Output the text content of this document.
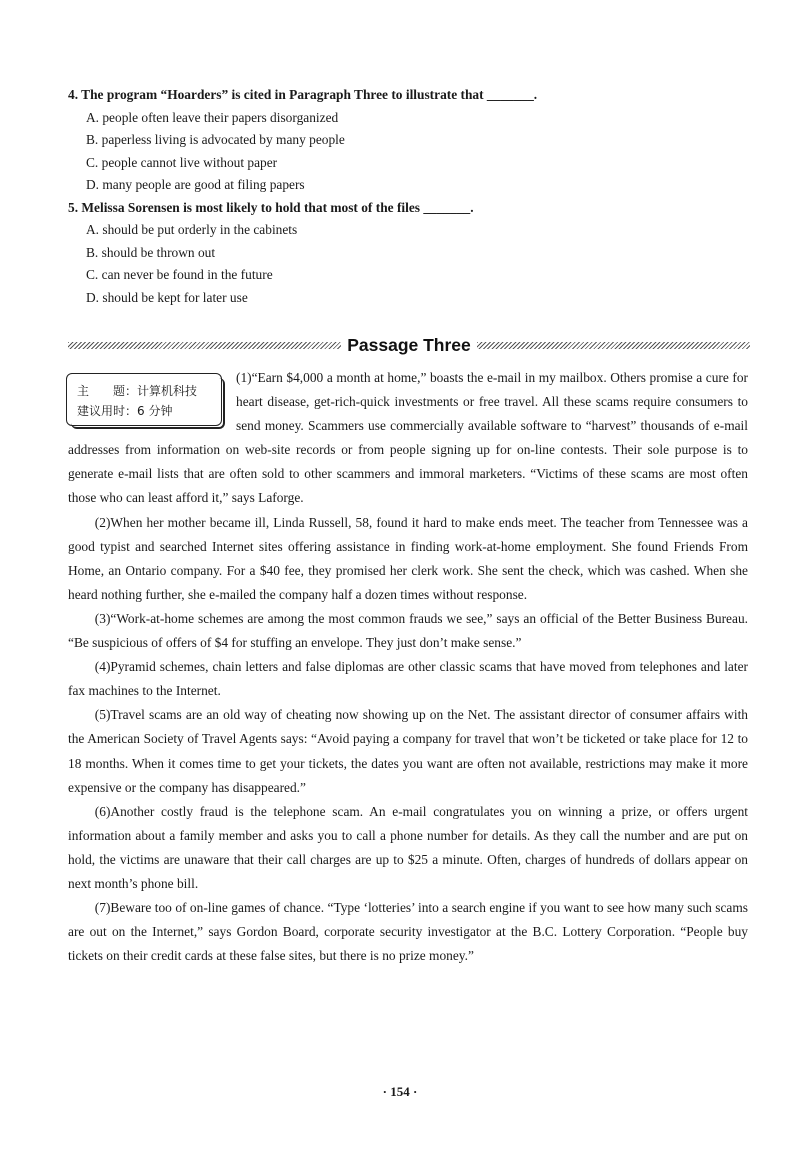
4. The program “Hoarders” is cited in Paragraph Three to illustrate that _______.
A. people often leave their papers disorganized
B. paperless living is advocated by many people
C. people cannot live without paper
D. many people are good at filing papers
5. Melissa Sorensen is most likely to hold that most of the files _______.
A. should be put orderly in the cabinets
B. should be thrown out
C. can never be found in the future
D. should be kept for later use
Passage Three
主　　题：计算机科技
建议用时：6 分钟

(1)“Earn $4,000 a month at home,” boasts the e-mail in my mailbox. Others promise a cure for heart disease, get-rich-quick investments or free travel. All these scams require consumers to send money. Scammers use commercially available software to “harvest” thousands of e-mail addresses from information on web-site records or from people signing up for on-line contests. Their sole purpose is to generate e-mail lists that are often sold to other scammers and immoral marketers. “Victims of these scams are most often those who can least afford it,” says Laforge.

(2)When her mother became ill, Linda Russell, 58, found it hard to make ends meet. The teacher from Tennessee was a good typist and searched Internet sites offering assistance in finding work-at-home employment. She found Friends From Home, an Ontario company. For a $40 fee, they promised her clerk work. She sent the check, which was cashed. When she heard nothing further, she e-mailed the company half a dozen times without response.

(3)“Work-at-home schemes are among the most common frauds we see,” says an official of the Better Business Bureau. “Be suspicious of offers of $4 for stuffing an envelope. They just don’t make sense.”

(4)Pyramid schemes, chain letters and false diplomas are other classic scams that have moved from telephones and later fax machines to the Internet.

(5)Travel scams are an old way of cheating now showing up on the Net. The assistant director of consumer affairs with the American Society of Travel Agents says: “Avoid paying a company for travel that won’t be ticketed or take place for 12 to 18 months. When it comes time to get your tickets, the dates you want are often not available, restrictions may make it more expensive or the company has disappeared.”

(6)Another costly fraud is the telephone scam. An e-mail congratulates you on winning a prize, or offers urgent information about a family member and asks you to call a phone number for details. As they call the number and are put on hold, the victims are unaware that their call charges are up to $25 a minute. Often, charges of hundreds of dollars appear on next month’s phone bill.

(7)Beware too of on-line games of chance. “Type ‘lotteries’ into a search engine if you want to see how many such scams are out on the Internet,” says Gordon Board, corporate security investigator at the B.C. Lottery Corporation. “People buy tickets on their credit cards at these false sites, but there is no prize money.”

· 154 ·
